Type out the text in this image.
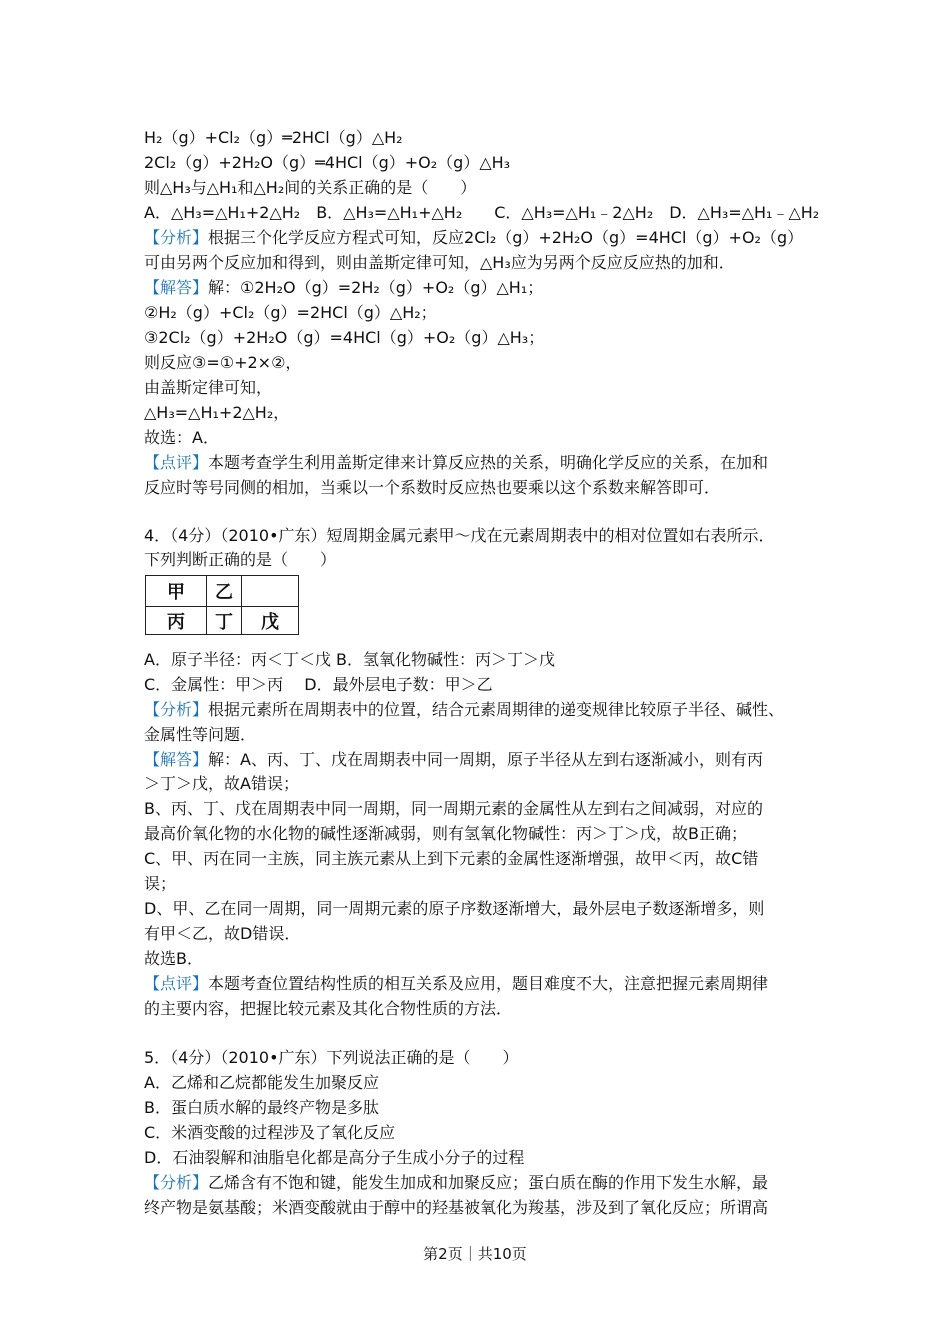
H₂（g）+Cl₂（g）═2HCl（g）△H₂
2Cl₂（g）+2H₂O（g）═4HCl（g）+O₂（g）△H₃
则△H₃与△H₁和△H₂间的关系正确的是（　　）
A．△H₃=△H₁+2△H₂　B．△H₃=△H₁+△H₂　　C．△H₃=△H₁﹣2△H₂　D．△H₃=△H₁﹣△H₂
【分析】根据三个化学反应方程式可知，反应2Cl₂（g）+2H₂O（g）=4HCl（g）+O₂（g）
可由另两个反应加和得到，则由盖斯定律可知，△H₃应为另两个反应反应热的加和．
【解答】解：①2H₂O（g）=2H₂（g）+O₂（g）△H₁；
②H₂（g）+Cl₂（g）=2HCl（g）△H₂；
③2Cl₂（g）+2H₂O（g）=4HCl（g）+O₂（g）△H₃；
则反应③=①+2×②，
由盖斯定律可知，
△H₃=△H₁+2△H₂，
故选：A．
【点评】本题考查学生利用盖斯定律来计算反应热的关系，明确化学反应的关系，在加和
反应时等号同侧的相加，当乘以一个系数时反应热也要乘以这个系数来解答即可．
4．（4分）（2010•广东）短周期金属元素甲～戊在元素周期表中的相对位置如右表所示．
下列判断正确的是（　　）
甲	乙	
丙	丁	戊
A．原子半径：丙＜丁＜戊 B．氢氧化物碱性：丙＞丁＞戊
C．金属性：甲＞丙　 D．最外层电子数：甲＞乙
【分析】根据元素所在周期表中的位置，结合元素周期律的递变规律比较原子半径、碱性、
金属性等问题．
【解答】解：A、丙、丁、戊在周期表中同一周期，原子半径从左到右逐渐减小，则有丙
＞丁＞戊，故A错误；
B、丙、丁、戊在周期表中同一周期，同一周期元素的金属性从左到右之间减弱，对应的
最高价氧化物的水化物的碱性逐渐减弱，则有氢氧化物碱性：丙＞丁＞戊，故B正确；
C、甲、丙在同一主族，同主族元素从上到下元素的金属性逐渐增强，故甲＜丙，故C错
误；
D、甲、乙在同一周期，同一周期元素的原子序数逐渐增大，最外层电子数逐渐增多，则
有甲＜乙，故D错误．
故选B．
【点评】本题考查位置结构性质的相互关系及应用，题目难度不大，注意把握元素周期律
的主要内容，把握比较元素及其化合物性质的方法．
5．（4分）（2010•广东）下列说法正确的是（　　）
A．乙烯和乙烷都能发生加聚反应
B．蛋白质水解的最终产物是多肽
C．米酒变酸的过程涉及了氧化反应
D．石油裂解和油脂皂化都是高分子生成小分子的过程
【分析】乙烯含有不饱和键，能发生加成和加聚反应；蛋白质在酶的作用下发生水解，最
终产物是氨基酸；米酒变酸就由于醇中的羟基被氧化为羧基，涉及到了氧化反应；所谓高
第2页｜共10页
